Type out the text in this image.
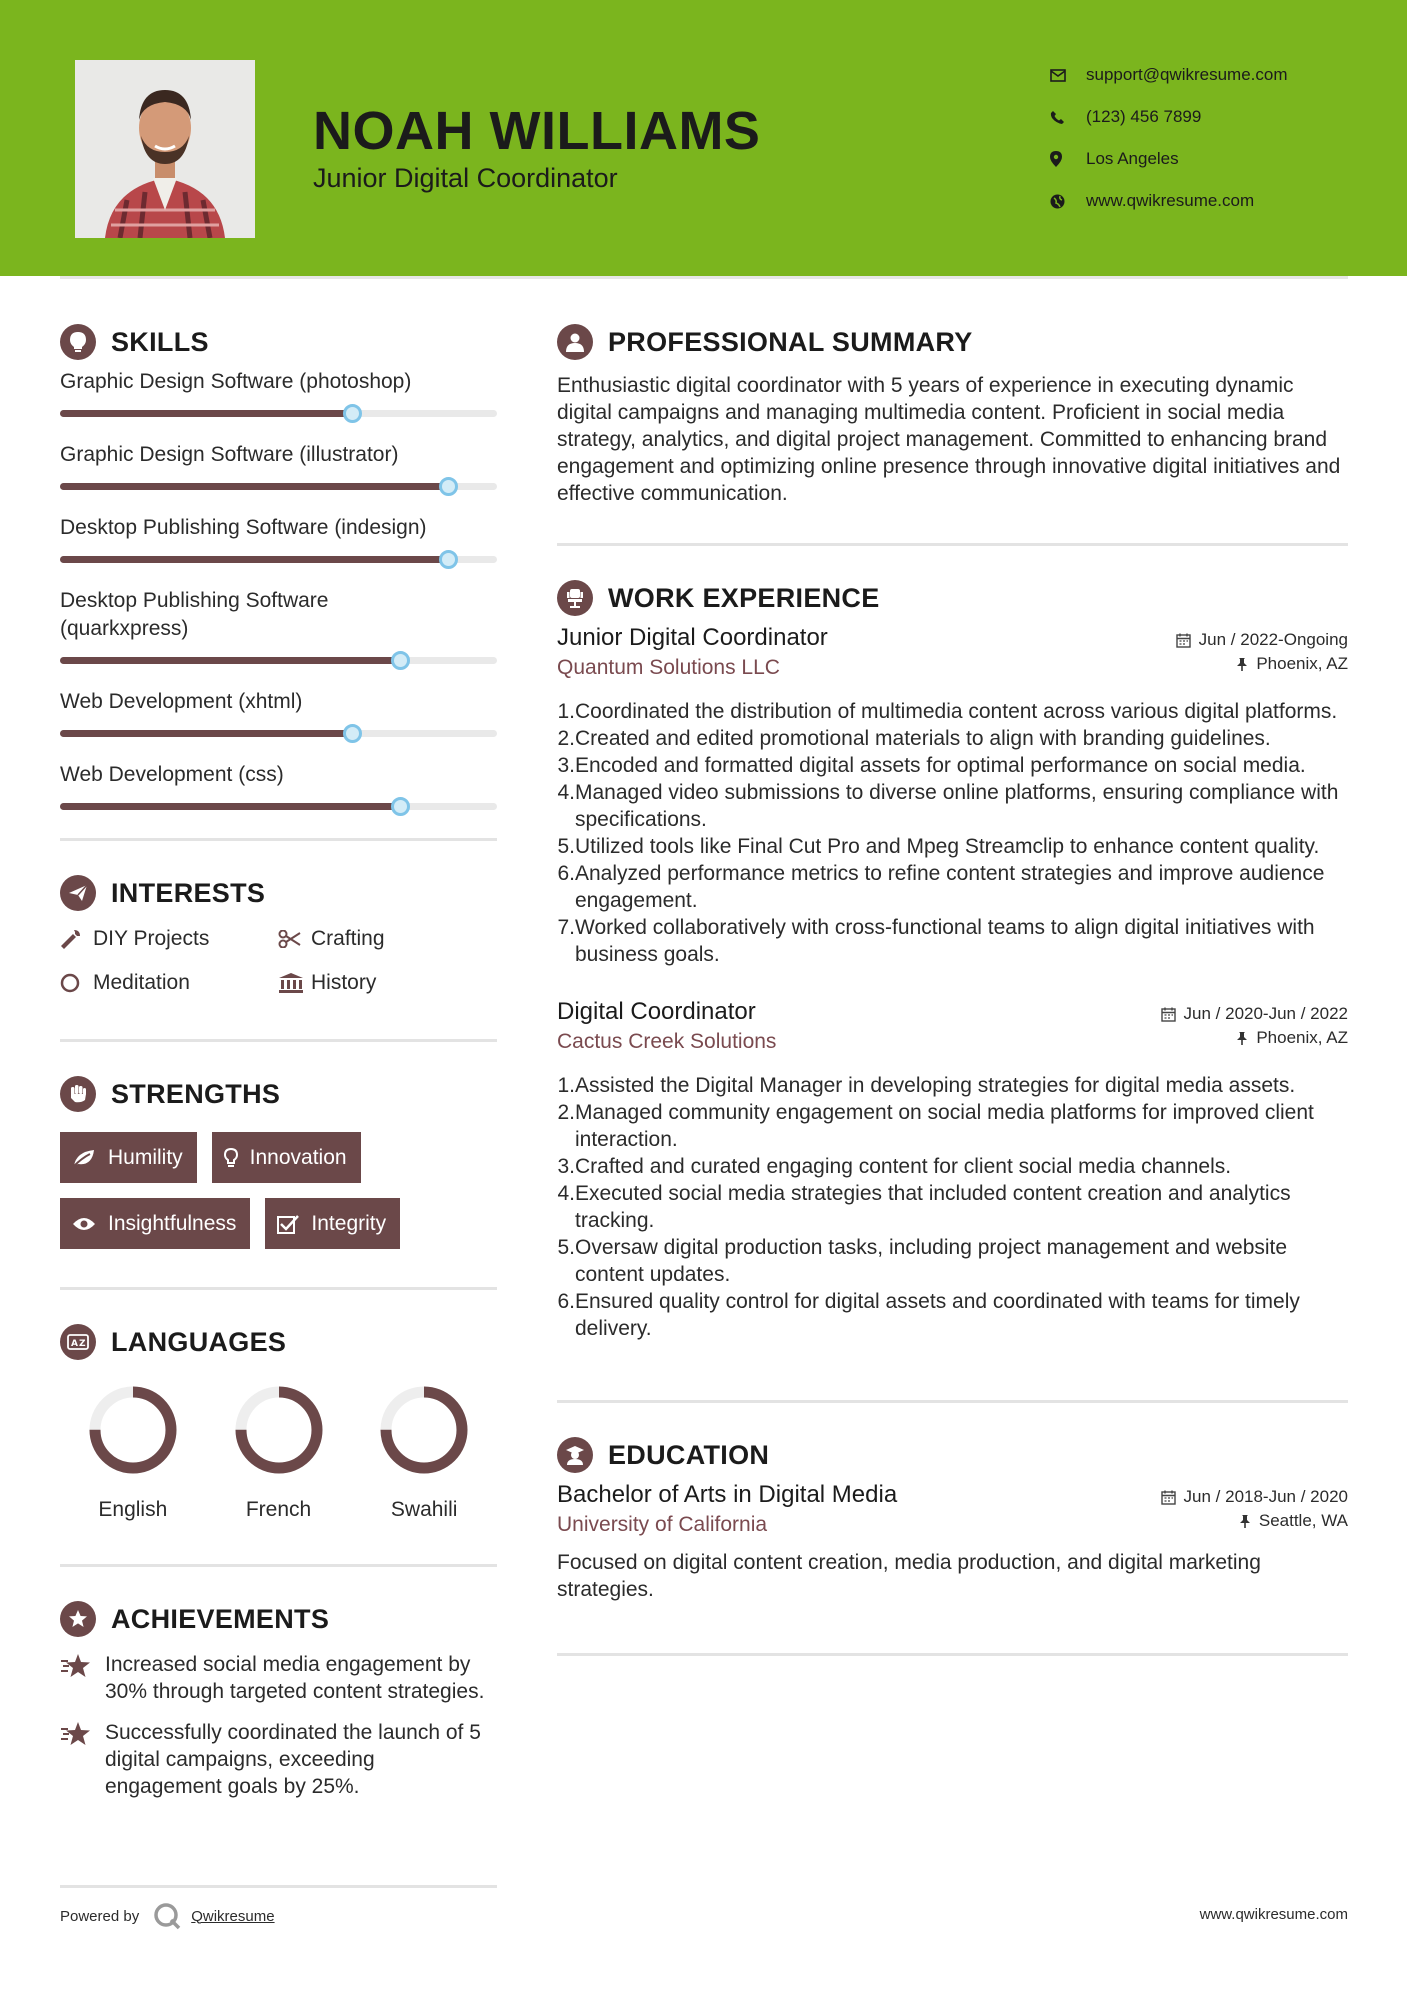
NOAH WILLIAMS
Junior Digital Coordinator
support@qwikresume.com
(123) 456 7899
Los Angeles
www.qwikresume.com
SKILLS
Graphic Design Software (photoshop)
Graphic Design Software (illustrator)
Desktop Publishing Software (indesign)
Desktop Publishing Software (quarkxpress)
Web Development (xhtml)
Web Development (css)
INTERESTS
DIY Projects	Crafting
Meditation	History
STRENGTHS
Humility	Innovation
Insightfulness	Integrity
A Z LANGUAGES
English	French	Swahili
ACHIEVEMENTS
Increased social media engagement by 30% through targeted content strategies.
Successfully coordinated the launch of 5 digital campaigns, exceeding engagement goals by 25%.
PROFESSIONAL SUMMARY
Enthusiastic digital coordinator with 5 years of experience in executing dynamic digital campaigns and managing multimedia content. Proficient in social media strategy, analytics, and digital project management. Committed to enhancing brand engagement and optimizing online presence through innovative digital initiatives and effective communication.
WORK EXPERIENCE
Junior Digital Coordinator	Jun / 2022-Ongoing
Quantum Solutions LLC	Phoenix, AZ
1. Coordinated the distribution of multimedia content across various digital platforms.
2. Created and edited promotional materials to align with branding guidelines.
3. Encoded and formatted digital assets for optimal performance on social media.
4. Managed video submissions to diverse online platforms, ensuring compliance with specifications.
5. Utilized tools like Final Cut Pro and Mpeg Streamclip to enhance content quality.
6. Analyzed performance metrics to refine content strategies and improve audience engagement.
7. Worked collaboratively with cross-functional teams to align digital initiatives with business goals.
Digital Coordinator	Jun / 2020-Jun / 2022
Cactus Creek Solutions	Phoenix, AZ
1. Assisted the Digital Manager in developing strategies for digital media assets.
2. Managed community engagement on social media platforms for improved client interaction.
3. Crafted and curated engaging content for client social media channels.
4. Executed social media strategies that included content creation and analytics tracking.
5. Oversaw digital production tasks, including project management and website content updates.
6. Ensured quality control for digital assets and coordinated with teams for timely delivery.
EDUCATION
Bachelor of Arts in Digital Media	Jun / 2018-Jun / 2020
University of California	Seattle, WA
Focused on digital content creation, media production, and digital marketing strategies.
Powered by	Qwikresume	www.qwikresume.com
